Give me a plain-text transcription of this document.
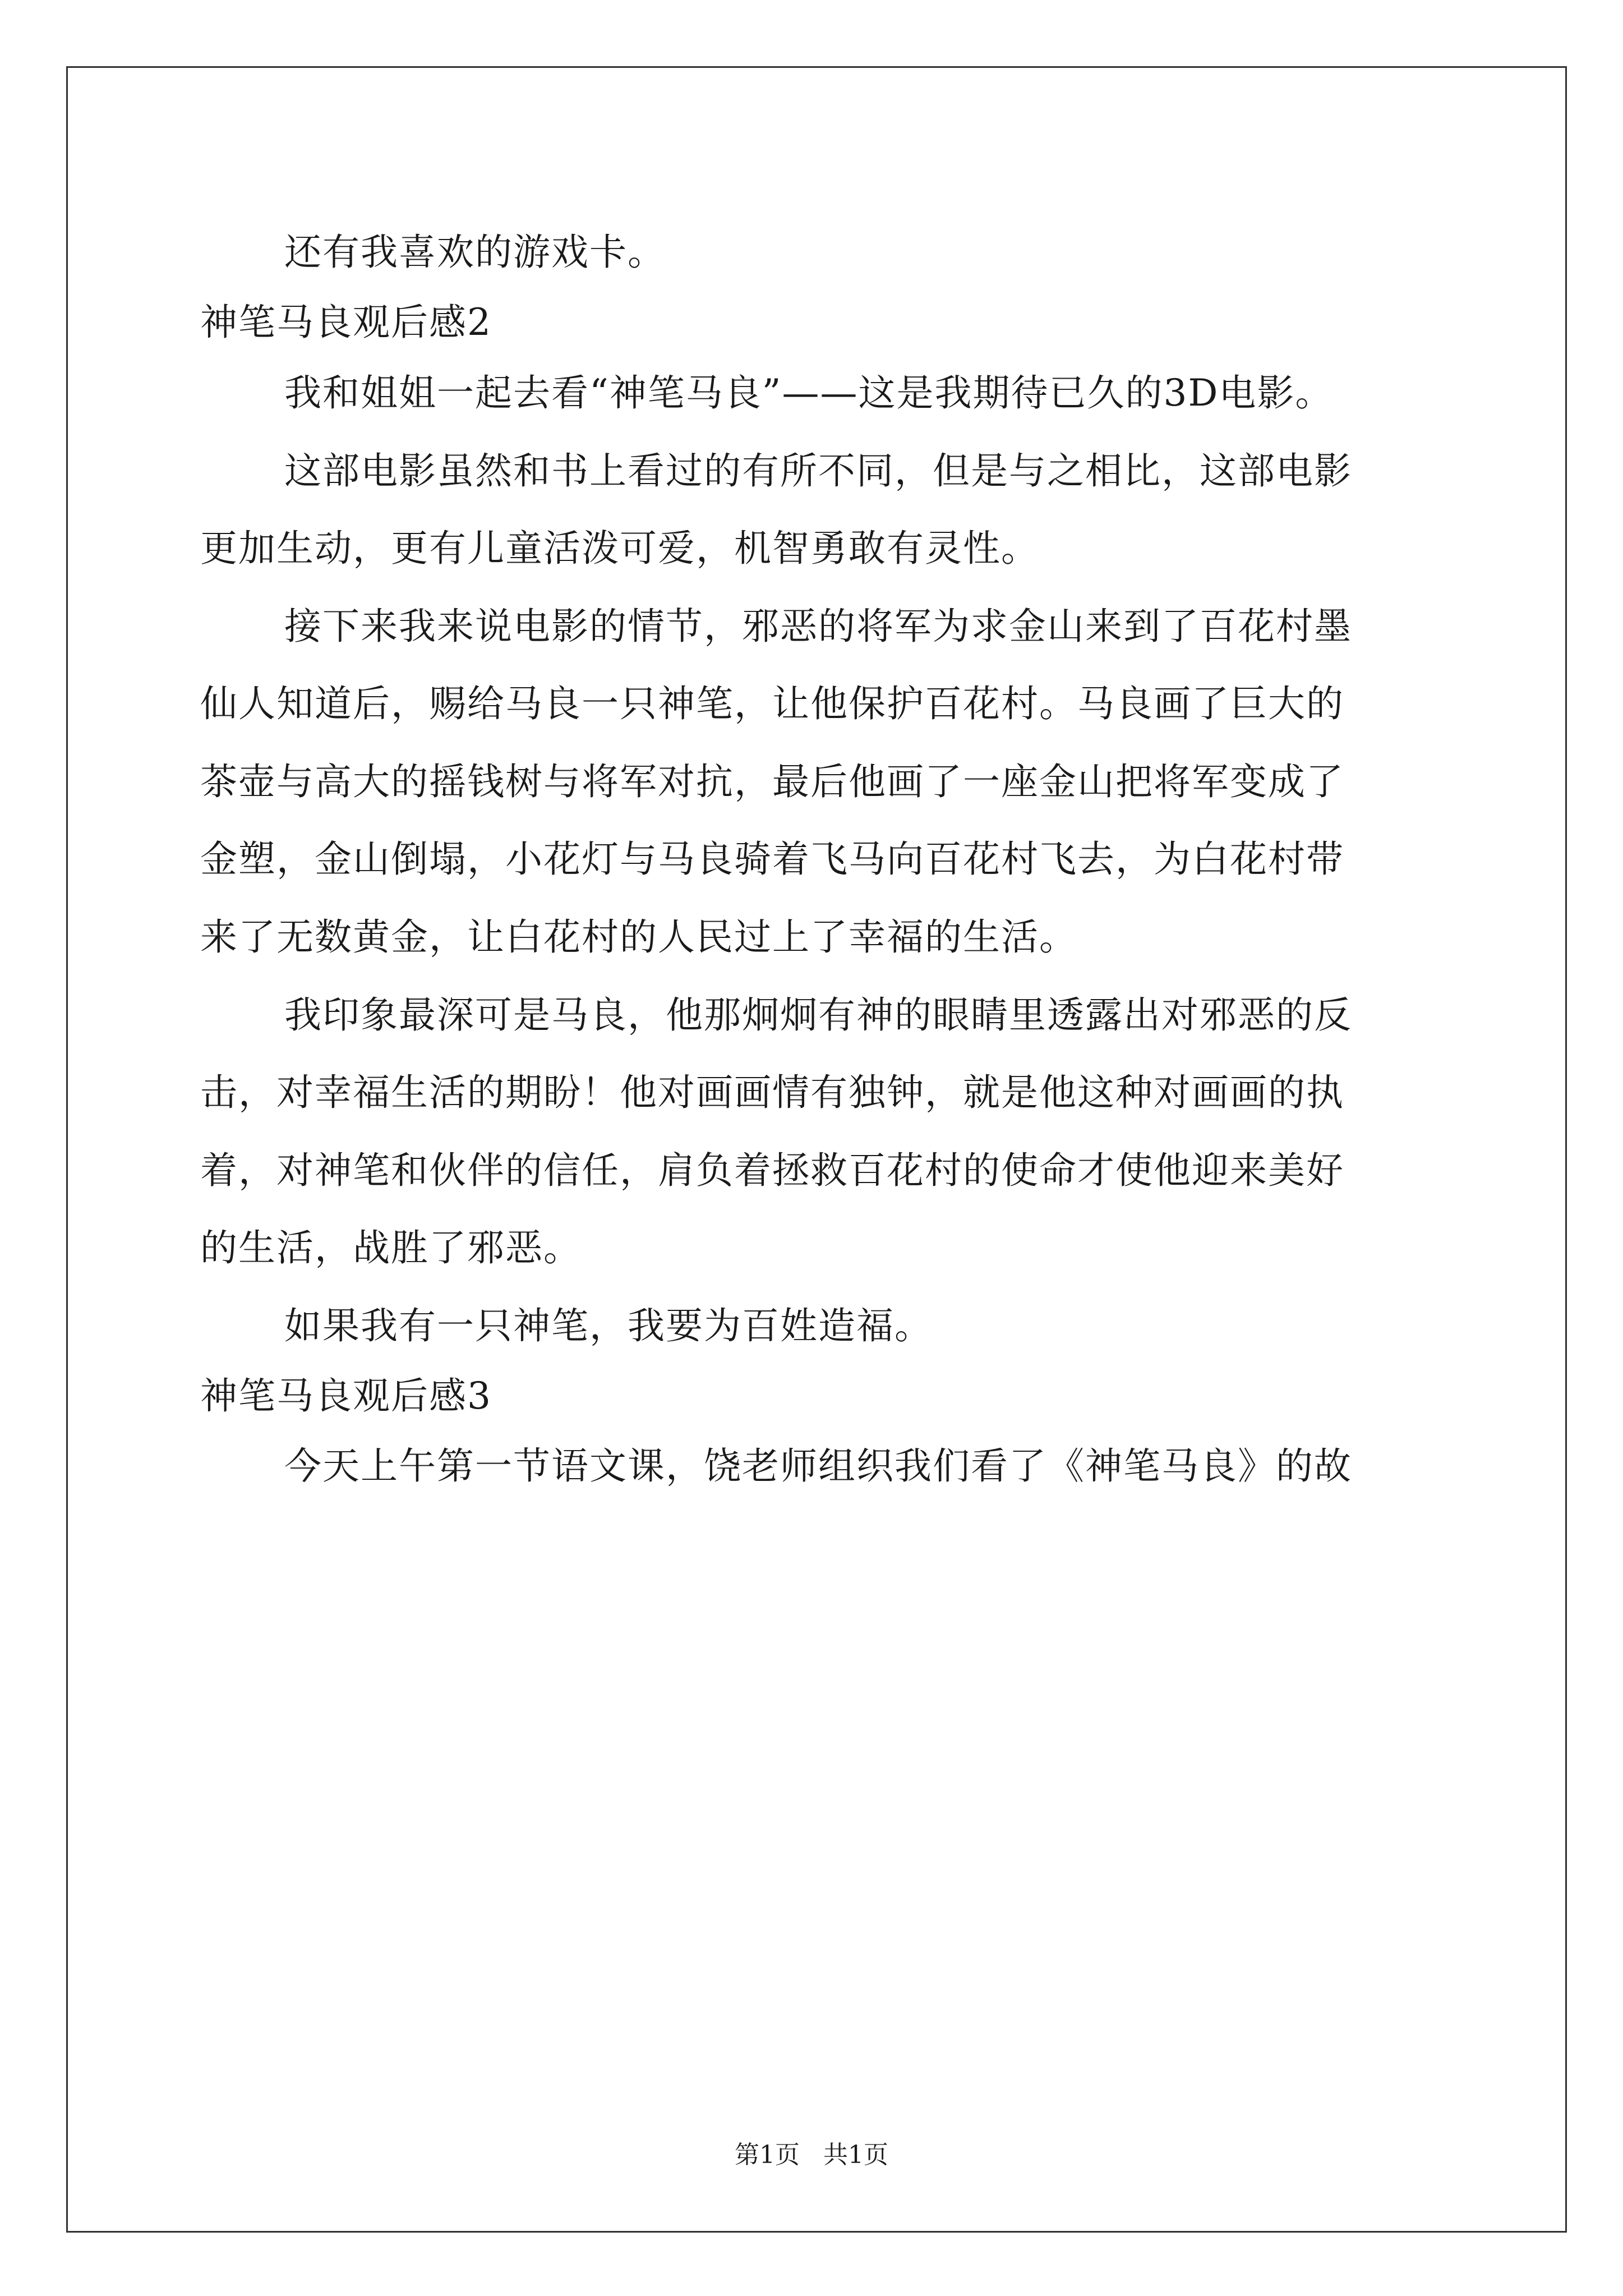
还有我喜欢的游戏卡。
神笔马良观后感2
我和姐姐一起去看“神笔马良”——这是我期待已久的3D电影。
这部电影虽然和书上看过的有所不同，但是与之相比，这部电影
更加生动，更有儿童活泼可爱，机智勇敢有灵性。
接下来我来说电影的情节，邪恶的将军为求金山来到了百花村墨
仙人知道后，赐给马良一只神笔，让他保护百花村。马良画了巨大的
茶壶与高大的摇钱树与将军对抗，最后他画了一座金山把将军变成了
金塑，金山倒塌，小花灯与马良骑着飞马向百花村飞去，为白花村带
来了无数黄金，让白花村的人民过上了幸福的生活。
我印象最深可是马良，他那炯炯有神的眼睛里透露出对邪恶的反
击，对幸福生活的期盼！他对画画情有独钟，就是他这种对画画的执
着，对神笔和伙伴的信任，肩负着拯救百花村的使命才使他迎来美好
的生活，战胜了邪恶。
如果我有一只神笔，我要为百姓造福。
神笔马良观后感3
今天上午第一节语文课，饶老师组织我们看了《神笔马良》的故
第1页   共1页
